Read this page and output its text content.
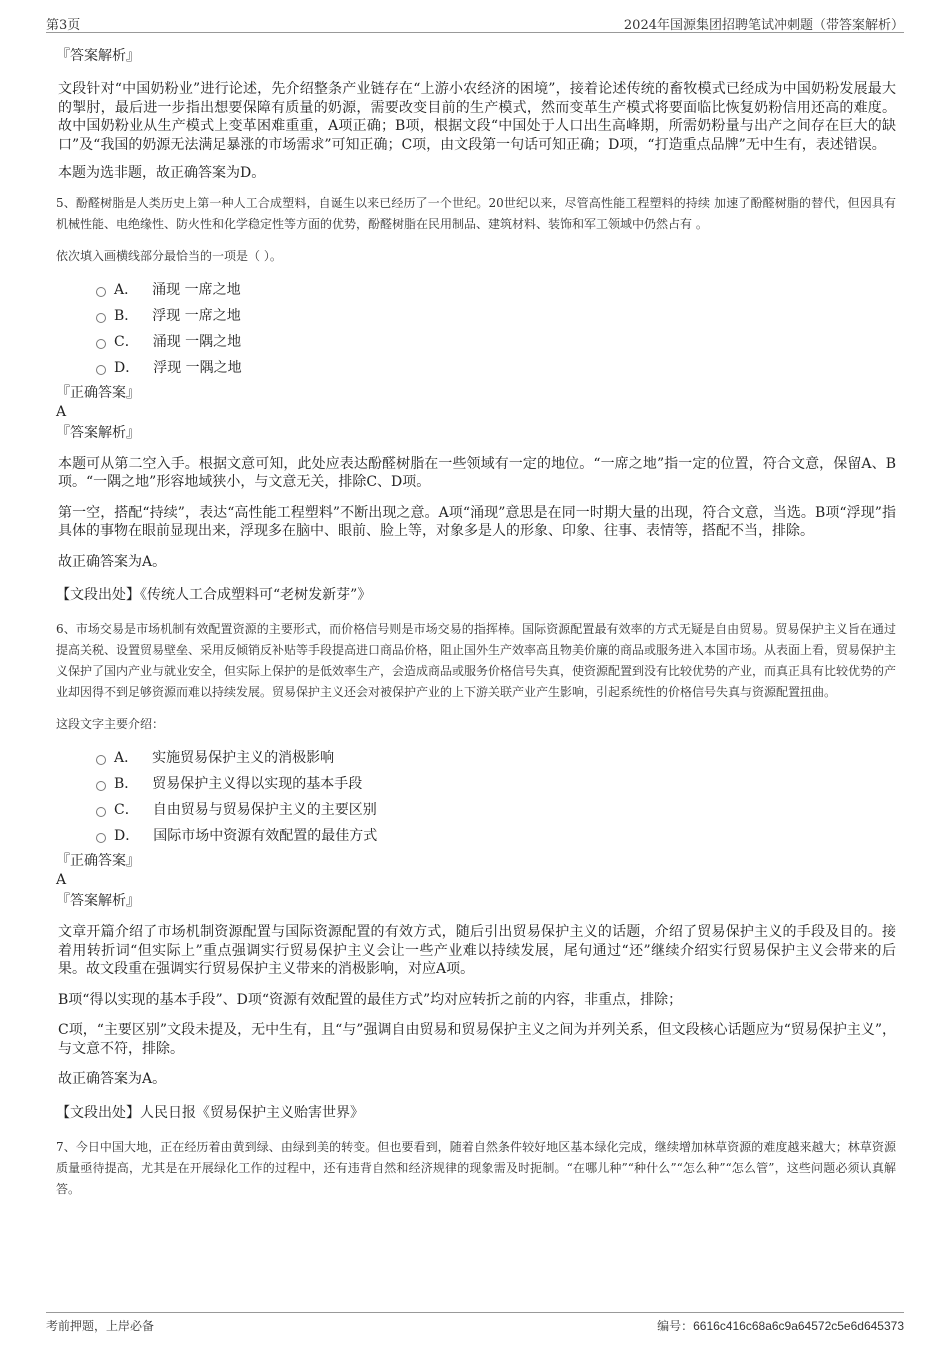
第3页	2024年国源集团招聘笔试冲刺题（带答案解析）

『答案解析』

文段针对“中国奶粉业”进行论述，先介绍整条产业链存在“上游小农经济的困境”，接着论述传统的畜牧模式已经成为中国奶粉发展最大的掣肘，最后进一步指出想要保障有质量的奶源，需要改变目前的生产模式，然而变革生产模式将要面临比恢复奶粉信用还高的难度。故中国奶粉业从生产模式上变革困难重重，A项正确；B项，根据文段“中国处于人口出生高峰期，所需奶粉量与出产之间存在巨大的缺口”及“我国的奶源无法满足暴涨的市场需求”可知正确；C项，由文段第一句话可知正确；D项，“打造重点品牌”无中生有，表述错误。

本题为选非题，故正确答案为D。

5、酚醛树脂是人类历史上第一种人工合成塑料，自诞生以来已经历了一个世纪。20世纪以来，尽管高性能工程塑料的持续 加速了酚醛树脂的替代，但因具有机械性能、电绝缘性、防火性和化学稳定性等方面的优势，酚醛树脂在民用制品、建筑材料、装饰和军工领域中仍然占有 。

依次填入画横线部分最恰当的一项是（ ）。

A． 涌现 一席之地
B． 浮现 一席之地
C． 涌现 一隅之地
D． 浮现 一隅之地

『正确答案』

A

『答案解析』

本题可从第二空入手。根据文意可知，此处应表达酚醛树脂在一些领域有一定的地位。“一席之地”指一定的位置，符合文意，保留A、B项。“一隅之地”形容地域狭小，与文意无关，排除C、D项。

第一空，搭配“持续”，表达“高性能工程塑料”不断出现之意。A项“涌现”意思是在同一时期大量的出现，符合文意，当选。B项“浮现”指具体的事物在眼前显现出来，浮现多在脑中、眼前、脸上等，对象多是人的形象、印象、往事、表情等，搭配不当，排除。

故正确答案为A。

【文段出处】《传统人工合成塑料可“老树发新芽”》

6、市场交易是市场机制有效配置资源的主要形式，而价格信号则是市场交易的指挥棒。国际资源配置最有效率的方式无疑是自由贸易。贸易保护主义旨在通过提高关税、设置贸易壁垒、采用反倾销反补贴等手段提高进口商品价格，阻止国外生产效率高且物美价廉的商品或服务进入本国市场。从表面上看，贸易保护主义保护了国内产业与就业安全，但实际上保护的是低效率生产，会造成商品或服务价格信号失真，使资源配置到没有比较优势的产业，而真正具有比较优势的产业却因得不到足够资源而难以持续发展。贸易保护主义还会对被保护产业的上下游关联产业产生影响，引起系统性的价格信号失真与资源配置扭曲。

这段文字主要介绍：

A． 实施贸易保护主义的消极影响
B． 贸易保护主义得以实现的基本手段
C． 自由贸易与贸易保护主义的主要区别
D． 国际市场中资源有效配置的最佳方式

『正确答案』

A

『答案解析』

文章开篇介绍了市场机制资源配置与国际资源配置的有效方式，随后引出贸易保护主义的话题，介绍了贸易保护主义的手段及目的。接着用转折词“但实际上”重点强调实行贸易保护主义会让一些产业难以持续发展，尾句通过“还”继续介绍实行贸易保护主义会带来的后果。故文段重在强调实行贸易保护主义带来的消极影响，对应A项。

B项“得以实现的基本手段”、D项“资源有效配置的最佳方式”均对应转折之前的内容，非重点，排除；

C项，“主要区别”文段未提及，无中生有，且“与”强调自由贸易和贸易保护主义之间为并列关系，但文段核心话题应为“贸易保护主义”，与文意不符，排除。

故正确答案为A。

【文段出处】人民日报《贸易保护主义贻害世界》

7、今日中国大地，正在经历着由黄到绿、由绿到美的转变。但也要看到，随着自然条件较好地区基本绿化完成，继续增加林草资源的难度越来越大；林草资源质量亟待提高，尤其是在开展绿化工作的过程中，还有违背自然和经济规律的现象需及时扼制。“在哪儿种”“种什么”“怎么种”“怎么管”，这些问题必须认真解答。

考前押题，上岸必备	编号：6616c416c68a6c9a64572c5e6d645373
